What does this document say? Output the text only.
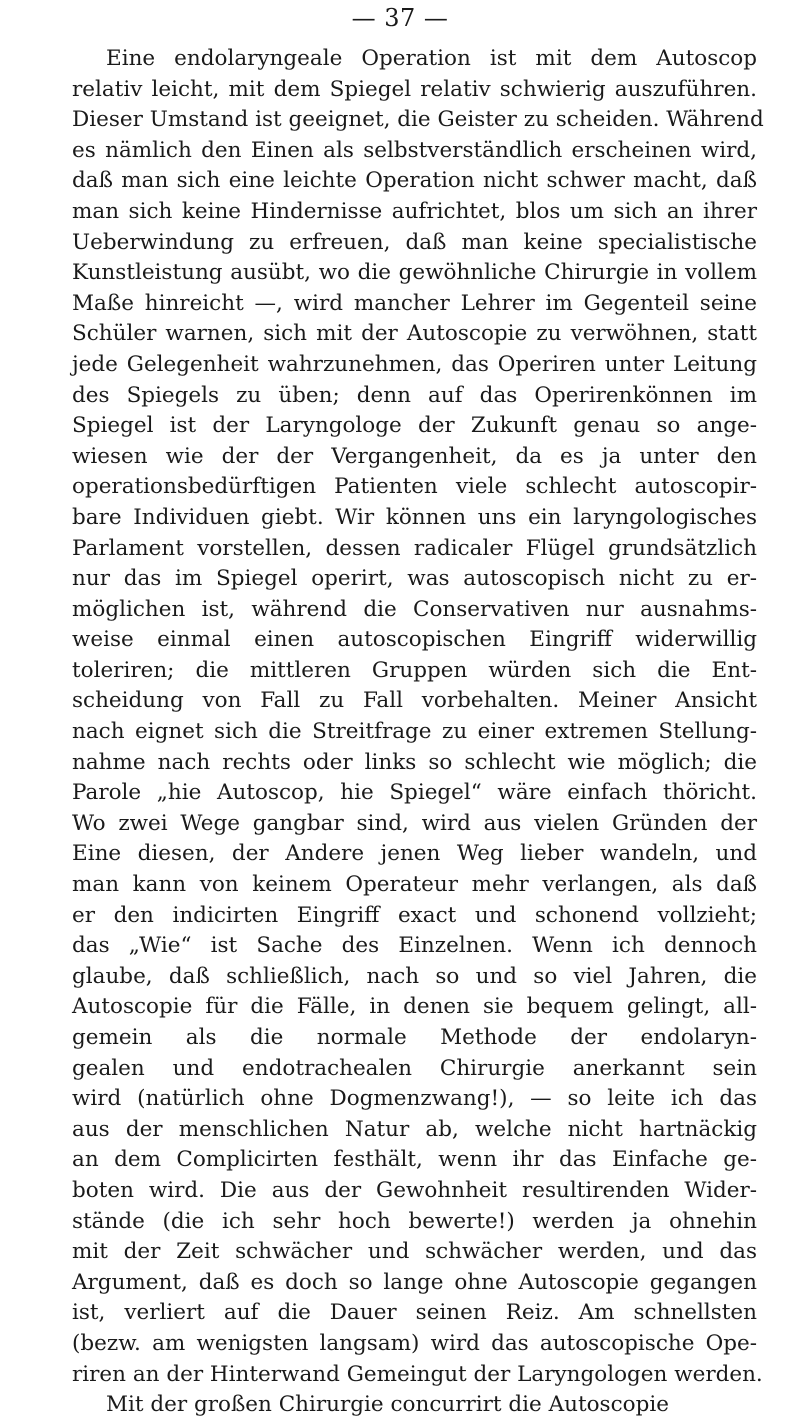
— 37 —
Eine endolaryngeale Operation ist mit dem Autoscop
relativ leicht, mit dem Spiegel relativ schwierig auszuführen.
Dieser Umstand ist geeignet, die Geister zu scheiden. Während
es nämlich den Einen als selbstverständlich erscheinen wird,
daß man sich eine leichte Operation nicht schwer macht, daß
man sich keine Hindernisse aufrichtet, blos um sich an ihrer
Ueberwindung zu erfreuen, daß man keine specialistische
Kunstleistung ausübt, wo die gewöhnliche Chirurgie in vollem
Maße hinreicht —, wird mancher Lehrer im Gegenteil seine
Schüler warnen, sich mit der Autoscopie zu verwöhnen, statt
jede Gelegenheit wahrzunehmen, das Operiren unter Leitung
des Spiegels zu üben; denn auf das Operirenkönnen im
Spiegel ist der Laryngologe der Zukunft genau so ange-
wiesen wie der der Vergangenheit, da es ja unter den
operationsbedürftigen Patienten viele schlecht autoscopir-
bare Individuen giebt. Wir können uns ein laryngologisches
Parlament vorstellen, dessen radicaler Flügel grundsätzlich
nur das im Spiegel operirt, was autoscopisch nicht zu er-
möglichen ist, während die Conservativen nur ausnahms-
weise einmal einen autoscopischen Eingriff widerwillig
toleriren; die mittleren Gruppen würden sich die Ent-
scheidung von Fall zu Fall vorbehalten. Meiner Ansicht
nach eignet sich die Streitfrage zu einer extremen Stellung-
nahme nach rechts oder links so schlecht wie möglich; die
Parole „hie Autoscop, hie Spiegel“ wäre einfach thöricht.
Wo zwei Wege gangbar sind, wird aus vielen Gründen der
Eine diesen, der Andere jenen Weg lieber wandeln, und
man kann von keinem Operateur mehr verlangen, als daß
er den indicirten Eingriff exact und schonend vollzieht;
das „Wie“ ist Sache des Einzelnen. Wenn ich dennoch
glaube, daß schließlich, nach so und so viel Jahren, die
Autoscopie für die Fälle, in denen sie bequem gelingt, all-
gemein als die normale Methode der endolaryn-
gealen und endotrachealen Chirurgie anerkannt sein
wird (natürlich ohne Dogmenzwang!), — so leite ich das
aus der menschlichen Natur ab, welche nicht hartnäckig
an dem Complicirten festhält, wenn ihr das Einfache ge-
boten wird. Die aus der Gewohnheit resultirenden Wider-
stände (die ich sehr hoch bewerte!) werden ja ohnehin
mit der Zeit schwächer und schwächer werden, und das
Argument, daß es doch so lange ohne Autoscopie gegangen
ist, verliert auf die Dauer seinen Reiz. Am schnellsten
(bezw. am wenigsten langsam) wird das autoscopische Ope-
riren an der Hinterwand Gemeingut der Laryngologen werden.
Mit der großen Chirurgie concurrirt die Autoscopie
